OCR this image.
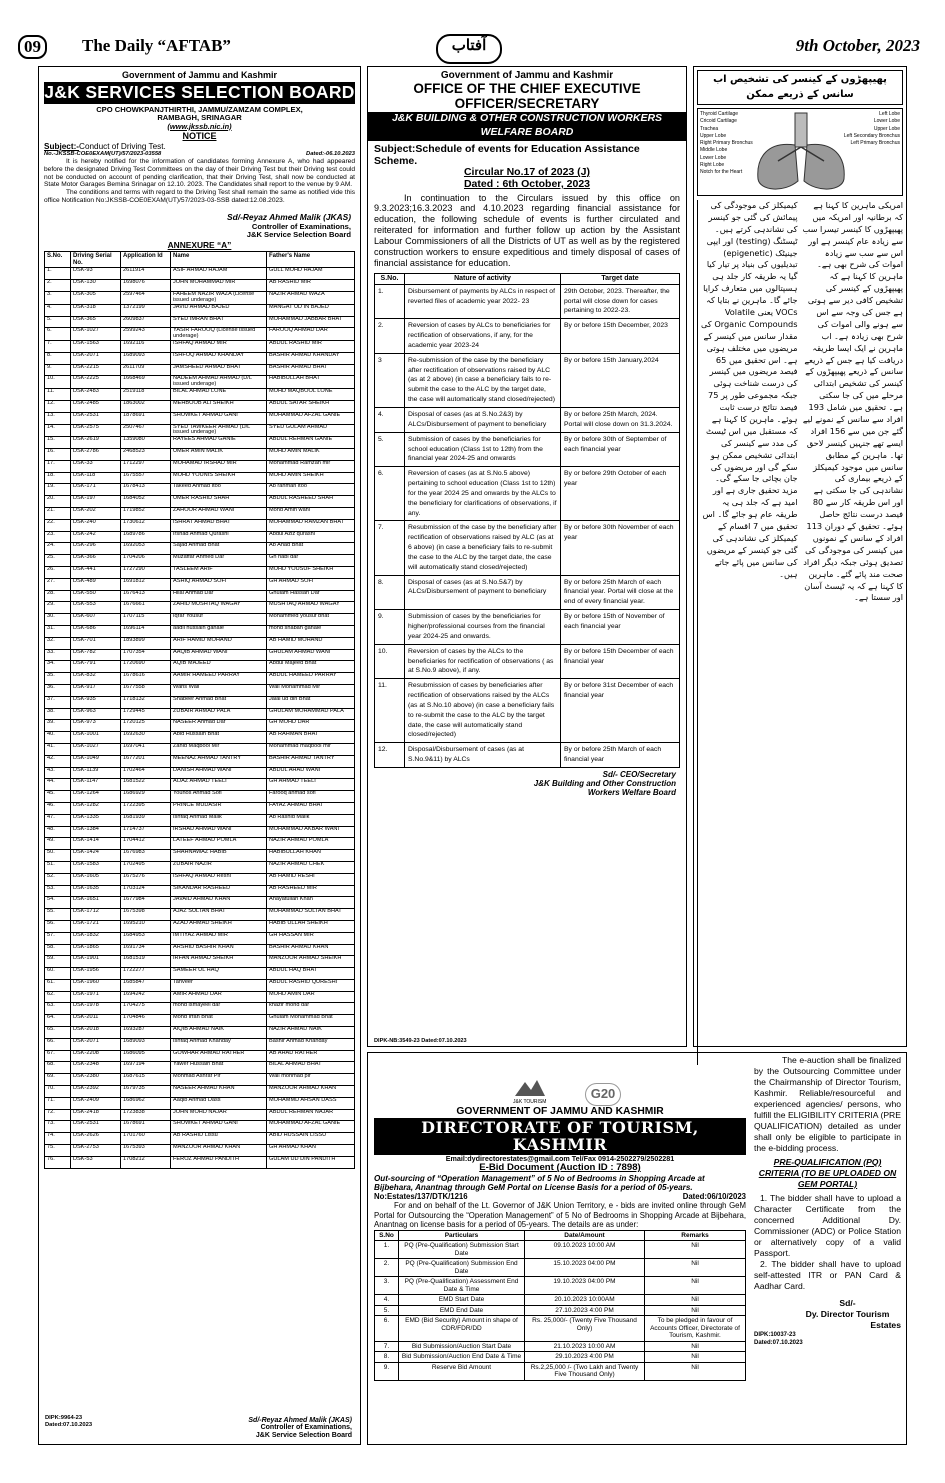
09	The Daily “AFTAB”	آفتاب	9th October, 2023
Government of Jammu and Kashmir
J&K SERVICES SELECTION BOARD
CPO CHOWKPANJTHIRTHI, JAMMU/ZAMZAM COMPLEX,
RAMBAGH, SRINAGAR
(www.jkssb.nic.in)
NOTICE
Subject:-Conduct of Driving Test.
No.-JKSSB-COE0EXAM(UT)/57/2023-03558	Dated:-06.10.2023

It is hereby notified for the information of candidates forming Annexure A, who had appeared before the designated Driving Test Committees on the day of their Driving Test but their Driving test could not be conducted on account of pending clarification, that their Driving Test, shall now be conducted at State Motor Garages Bemina Srinagar on 12.10. 2023. The Candidates shall report to the venue by 9 AM.

The conditions and terms with regard to the Driving Test shall remain the same as notified vide this office Notification No:JKSSB-COE0EXAM(UT)/57/2023-03-SSB dated:12.08.2023.

Sd/-Reyaz Ahmed Malik (JKAS)
Controller of Examinations,
J&K Service Selection Board
ANNEXURE “A”
S.No.	Driving Serial No.	Application Id	Name	Father's Name
1.	DSK-93	2611914	ASIF AHMAD HAJAM	GULL MOHD HAJAM
2.	DSK-130	1698076	JOHN MOHAMMAD MIR	AB RASHID MIR
3.	DSK-305	2597464	FAHEEM NAZIR WAZA (License issued underage)	NAZIR AHMAD WAZA
4.	DSK-318	1372199	JAVID AHMAD BAJED	MANGAT UD IN BAJED
5.	DSK-365	2609837	SYED IMRAN BHAT	MOHAMMAD JABBAR BHAT
6.	DSK-1027	2599243	YASIR FAROOQ (License issued underage)	FAROOQ AHMAD DAR
7.	DSK-1563	1692116	ISHFAQ AHMAD MIR	ABDUL RASHID MIR
8.	DSK-2071	1689093	ISHFOQ AHMAD KHANDAY	BASHIR AHMAD KHANDAY
9.	DSK-2215	2611709	JAMSHEED AHMAD BHAT	BASHIR AHMAD BHAT
10.	DSK-2225	1668469	NADEEM AHMAD AHMAD (D/L issued underage)	HABIBULLAH BHAT
11.	DSK-2483	2519118	BILAL AHMAD LONE	MOHD MAQBOOL LONE
12.	DSK-2485	1863002	MEHBOOB ALI SHEIKH	ABDUL SATAR SHEIKH
13.	DSK-2531	1878691	SHOWKET AHMAD GANI	MOHAMMAD AFZAL GANIE
14.	DSK-2575	2507467	SYED TAWKEER AHMAD (D/L issued underage)	SYED GULAM AHMAD
15.	DSK-2619	1359080	RAYEES AHMAD GANIE	ABDUL REHMAN GANIE
16.	DSK-2786	2468523	UMER AMIN MALIK	MOHD AMIN MALIK
17.	DSK-33	1712297	MOHAMAD IRSHAD MIR	Mohammad Ramzan mir
18.	DSK-118	1675557	MOHD YOUNIS SHEIKH	MOHD AMIN SHEIKH
19.	DSK-171	1678413	Takeed Ahmad Itoo	Ab rahman itoo
20.	DSK-197	1684052	UMER RASHID SHAH	ABDUL RASHEED SHAH
21.	DSK-202	1719852	ZAHOOR AHMAD WANI	Mohd Amin wani
22.	DSK-240	1730612	ISHRAT AHMAD BHAT	MOHAMMAD RAMZAN BHAT
23.	DSK-242	1689786	Irshad Ahmad Qurashi	Abdul Aziz qurashi
24.	DSK-296	1692053	Sajad Ahmad Bhat	Ab Ahad Bhat
25.	DSK-366	1704206	Muzaffar Ahmed Dar	Gh nabi dar
26.	DSK-441	1727290	TASLEEM ARIF	MOHD YOUSUF SHEIKH
27.	DSK-489	1691812	ASHIQ AHMAD SOFI	GH AHMAD SOFI
28.	DSK-550	1676413	Hilal Ahmad Dar	Ghulam Hassan Dar
29.	DSK-553	1676661	ZAHID MUSHTAQ WAGAY	MUSHTAQ AHMAD WAGAY
30.	DSK-607	1707115	Iqrar Yousuf	Mohammed yousuf bhat
31.	DSK-686	1696114	aadil hussain ganaie	mohd shaban ganaie
32.	DSK-701	1893899	ARIF HAMID MOHAND	AB HAMID MOHAND
33.	DSK-782	1707354	AAQIB AHMAD WANI	GHULAM AHMAD WANI
34.	DSK-791	1720690	AQIB MAJEED	Abdul Majeed Bhat
35.	DSK-832	1678616	AAMIR HAMEED PARRAY	ABDUL HAMEED PARRAY
36.	DSK-917	1677558	Waris Wali	Wali Mohammad Mir
37.	DSK-935	1718132	Shabeer Ahmad Bhat	Jalal ud din Bhat
38.	DSK-963	1729445	ZUBAIR AHMAD PALA	GHULAM MOHAMMAD PALA
39.	DSK-973	1720125	NASEER Ahmad Dar	GH MOHD DAR
40.	DSK-1001	1692630	Abid Hussain Bhat	AB RAHMAN BHAT
41.	DSK-1027	1697041	Zahid Maqbool Mir	Mohammad maqbool mir
42.	DSK-1049	1677201	MEENAZ AHMAD TANTRY	BASHIR AHMAD TANTRY
43.	DSK-1139	1702464	DANISH AHMAD WANI	ABDUL AHAD WANI
44.	DSK-1147	1681522	AIJAZ AHMAD TEELI	GH AHMAD TEELI
45.	DSK-1264	1686929	Younos Ahmad Sofi	Farooq ahmad sofi
46.	DSK-1282	1722395	PRINCE MUDASIR	FAYAZ AHMAD BHAT
47.	DSK-1335	1681939	Ishfaq Ahmad Malik	Ab Rashid Malik
48.	DSK-1384	1714737	IRSHAD AHMAD WANI	MOHAMMAD AKBAR WANI
49.	DSK-1414	1704412	LATEEF AHMAD POMLA	NAZIR AHMAD POMLA
50.	DSK-1424	1676983	SHAHNAWAZ HABIB	HABIBULLAH KHAN
51.	DSK-1583	1702495	ZUBAIR NAZIR	NAZIR AHMAD CHEK
52.	DSK-1605	1675276	ISHFAQ AHMAD Reshi	AB HAMID RESHI
53.	DSK-1635	1703124	SIKANDAR RASHEED	AB RASHEED MIR
54.	DSK-1651	1677984	JAVAID AHMAD KHAN	Anayatullah Khan
55.	DSK-1712	1675398	AJAZ SULTAN BHAT	MOHAMMAD SULTAN BHAT
56.	DSK-1721	1695210	AZAD AHMAD SHEIKH	HABIB ULLAH SHEIKH
57.	DSK-1832	1684953	IMTIYAZ AHMAD MIR	GH HASSAN MIR
58.	DSK-1865	1691734	ARSHID BASHIR KHAN	BASHIR AHMAD KHAN
59.	DSK-1901	1681519	IRFAN AHMAD SHEIKH	MANZOOR AHMAD SHEIKH
60.	DSK-1956	1722277	SAMEER UL HAQ	ABDUL HAQ BHAT
61.	DSK-1960	1685847	Tanveer	ABDUL RASHID QURESHI
62.	DSK-1971	1694242	AMIR AHMAD DAR	MOHD AMIN DAR
63.	DSK-1978	1704275	mohd ismayeel dar	khazir mohd dar
64.	DSK-2011	1704846	Mohd Irfan Bhat	Ghulam Mohammad Bhat
65.	DSK-2018	1693287	AIQIB AHMAD NAIK	NAZIR AHMAD NAIK
66.	DSK-2071	1689093	Ishfaq Ahmad Khanday	Bashir Ahmad Khanday
67.	DSK-2208	1686095	GOWHAR AHMAD RATHER	AB AHAD RATHER
68.	DSK-2348	1697194	Yawer Hussain Bhat	BILAL AHMAD BHAT
69.	DSK-2380	1687615	Mohmad Ashraf Pir	Wali mohmad pir
70.	DSK-2392	1679735	NASEER AHMAD KHAN	MANZOOR AHMAD KHAN
71.	DSK-2409	1686962	Aaqib Ahmad Dass	MOHAMMD AHSAN DASS
72.	DSK-2418	1723838	JOHN MOHD NAJAR	ABDUL REHMAN NAJAR
73.	DSK-2531	1678691	SHOWKET AHMAD GANI	MOHAMMAD AFZAL GANIE
74.	DSK-2626	1701760	AB RASHID Lissu	ABID HUSSAIN LISSU
75.	DSK-2753	1675393	MANZOOR AHMAD KHAN	GH AHMAD KHAN
76.	DSK-53	1708212	FEROZ AHMAD PANDITH	GULAM UD DIN PANDITH
DIPK:9964-23
Dated:07.10.2023
Sd/-Reyaz Ahmed Malik (JKAS)
Controller of Examinations,
J&K Service Selection Board
Government of Jammu and Kashmir
OFFICE OF THE CHIEF EXECUTIVE
OFFICER/SECRETARY
J&K BUILDING & OTHER CONSTRUCTION WORKERS
WELFARE BOARD
Subject:Schedule of events for Education Assistance Scheme.
Circular No.17 of 2023 (J)
Dated : 6th October, 2023

In continuation to the Circulars issued by this office on 9.3.2023;16.3.2023 and 4.10.2023 regarding financial assistance for education, the following schedule of events is further circulated and reiterated for information and further follow up action by the Assistant Labour Commissioners of all the Districts of UT as well as by the registered construction workers to ensure expeditious and timely disposal of cases of financial assistance for education.

S.No.	Nature of activity	Target date
1.	Disbursement of payments by ALCs in respect of reverted files of academic year 2022- 23	29th October, 2023. Thereafter, the portal will close down for cases pertaining to 2022-23.
2.	Reversion of cases by ALCs to beneficiaries for rectification of observations, if any, for the academic year 2023-24	By or before 15th December, 2023
3	Re-submission of the case by the beneficiary after rectification of observations raised by ALC (as at 2 above) (in case a beneficiary fails to re-submit the case to the ALC by the target date, the case will automatically stand closed/rejected)	By or before 15th January,2024
4.	Disposal of cases (as at S.No.2&3) by ALCs/Disbursement of payment to beneficiary	By or before 25th March, 2024. Portal will close down on 31.3.2024.
5.	Submission of cases by the beneficiaries for school education (Class 1st to 12th) from the financial year 2024-25 and onwards	By or before 30th of September of each financial year
6.	Reversion of cases (as at S.No.5 above) pertaining to school education (Class 1st to 12th) for the year 2024 25 and onwards by the ALCs to the beneficiary for clarifications of observations, if any.	By or before 29th October of each year
7.	Resubmission of the case by the beneficiary after rectification of observations raised by ALC (as at 6 above) (in case a beneficiary fails to re-submit the case to the ALC by the target date, the case will automatically stand closed/rejected)	By or before 30th November of each year
8.	Disposal of cases (as at S.No.5&7) by ALCs/Disbursement of payment to beneficiary	By or before 25th March of each financial year. Portal will close at the end of every financial year.
9.	Submission of cases by the beneficiaries for higher/professional courses from the financial year 2024-25 and onwards.	By or before 15th of November of each financial year
10.	Reversion of cases by the ALCs to the beneficiaries for rectification of observations ( as at S.No.9 above), if any.	By or before 15th December of each financial year
11.	Resubmission of cases by beneficiaries after rectification of observations raised by the ALCs (as at S.No.10 above) (in case a beneficiary fails to re-submit the case to the ALC by the target date, the case will automatically stand closed/rejected)	By or before 31st December of each financial year
12.	Disposal/Disbursement of cases (as at S.No.9&11) by ALCs	By or before 25th March of each financial year
Sd/- CEO/Secretary
J&K Building and Other Construction
Workers Welfare Board
DIPK-NB:3549-23 Dated:07.10.2023
پھیپھڑوں کے کینسر کی تشخیص اب سانس کے ذریعے ممکن
Thyroid Cartilage
Cricoid Cartilage
Trachea
Upper Lobe
Right Primary Bronchus
Middle Lobe
Lower Lobe
Right Lobe
Notch for the Heart
Left Lobe
Lower Lobe
Upper Lobe
Left Secondary Bronchus
Left Primary Bronchus
کیمیکلز کی موجودگی کی پیمائش کی گئی جو کینسر کی نشاندہی کرتے ہیں۔ ٹیسٹنگ (testing) اور ایپی جینیٹک (epigenetic) تبدیلیوں کی بنیاد پر تیار کیا گیا یہ طریقہ کار جلد ہی ہسپتالوں میں متعارف کرایا جائے گا۔ ماہرین نے بتایا کہ VOCs یعنی Volatile Organic Compounds کی مقدار سانس میں کینسر کے مریضوں میں مختلف ہوتی ہے۔ اس تحقیق میں 65 فیصد مریضوں میں کینسر کی درست شناخت ہوئی جبکہ مجموعی طور پر 75 فیصد نتائج درست ثابت ہوئے۔ ماہرین کا کہنا ہے کہ مستقبل میں اس ٹیسٹ کی مدد سے کینسر کی ابتدائی تشخیص ممکن ہو سکے گی اور مریضوں کی جان بچائی جا سکے گی۔ مزید تحقیق جاری ہے اور امید ہے کہ جلد ہی یہ طریقہ عام ہو جائے گا۔ اس تحقیق میں 7 اقسام کے کیمیکلز کی نشاندہی کی گئی جو کینسر کے مریضوں کی سانس میں پائے جاتے ہیں۔
امریکی ماہرین کا کہنا ہے کہ برطانیہ اور امریکہ میں پھیپھڑوں کا کینسر تیسرا سب سے زیادہ عام کینسر ہے اور اس سے سب سے زیادہ اموات کی شرح بھی ہے۔ ماہرین کا کہنا ہے کہ پھیپھڑوں کے کینسر کی تشخیص کافی دیر سے ہوتی ہے جس کی وجہ سے اس سے ہونے والی اموات کی شرح بھی زیادہ ہے۔ اب ماہرین نے ایک ایسا طریقہ دریافت کیا ہے جس کے ذریعے سانس کے ذریعے پھیپھڑوں کے کینسر کی تشخیص ابتدائی مرحلے میں کی جا سکتی ہے۔ تحقیق میں شامل 193 افراد سے سانس کے نمونے لیے گئے جن میں سے 156 افراد ایسے تھے جنہیں کینسر لاحق تھا۔ ماہرین کے مطابق سانس میں موجود کیمیکلز کے ذریعے بیماری کی نشاندہی کی جا سکتی ہے اور اس طریقہ کار سے 80 فیصد درست نتائج حاصل ہوئے۔ تحقیق کے دوران 113 افراد کے سانس کے نمونوں میں کینسر کی موجودگی کی تصدیق ہوئی جبکہ دیگر افراد صحت مند پائے گئے۔ ماہرین کا کہنا ہے کہ یہ ٹیسٹ آسان اور سستا ہے۔
J&K TOURISM
G20
GOVERNMENT OF JAMMU AND KASHMIR
DIRECTORATE OF TOURISM, KASHMIR
Email:dydirectorestates@gmail.com Tel/Fax 0914-2502279/2502281
E-Bid Document (Auction ID : 7898)
Out-sourcing of “Operation Management” of 5 No of Bedrooms in Shopping Arcade at Bijbehara, Anantnag through GeM Portal on License Basis for a period of 05-years.
No:Estates/137/DTK/1216	Dated:06/10/2023

For and on behalf of the Lt. Governor of J&K Union Territory, e - bids are invited online through GeM Portal for Outsourcing the “Operation Management” of 5 No of Bedrooms in Shopping Arcade at Bijbehara, Anantnag on license basis for a period of 05-years. The details are as under:

S.No	Particulars	Date/Amount	Remarks
1.	PQ (Pre-Qualification) Submission Start Date	09.10.2023 10:00 AM	Nil
2.	PQ (Pre-Qualification) Submission End Date	15.10.2023 04:00 PM	Nil
3.	PQ (Pre-Qualification) Assessment End Date & Time	19.10.2023 04:00 PM	Nil
4.	EMD Start Date	20.10.2023 10:00AM	Nil
5.	EMD End Date	27.10.2023 4:00 PM	Nil
6.	EMD (Bid Security) Amount in shape of CDR/FDR/DD	Rs. 25,000/- (Twenty Five Thousand Only)	To be pledged in favour of Accounts Officer, Directorate of Tourism, Kashmir.
7.	Bid Submission/Auction Start Date	21.10.2023 10:00 AM	Nil
8.	Bid Submission/Auction End Date & Time	29.10.2023 4:00 PM	Nil
9.	Reserve Bid Amount	Rs.2,25,000 /- (Two Lakh and Twenty Five Thousand Only)	Nil

The e-auction shall be finalized by the Outsourcing Committee under the Chairmanship of Director Tourism, Kashmir. Reliable/resourceful and experienced agencies/ persons, who fulfill the ELIGIBILITY CRITERIA (PRE QUALIFICATION) detailed as under shall only be eligible to participate in the e-bidding process.

PRE-QUALIFICATION (PQ) CRITERIA (TO BE UPLOADED ON GEM PORTAL)

1. The bidder shall have to upload a Character Certificate from the concerned Additional Dy. Commissioner (ADC) or Police Station or alternatively copy of a valid Passport.

2. The bidder shall have to upload self-attested ITR or PAN Card & Aadhar Card.

Sd/-
Dy. Director Tourism
Estates
DIPK:10037-23
Dated:07.10.2023
